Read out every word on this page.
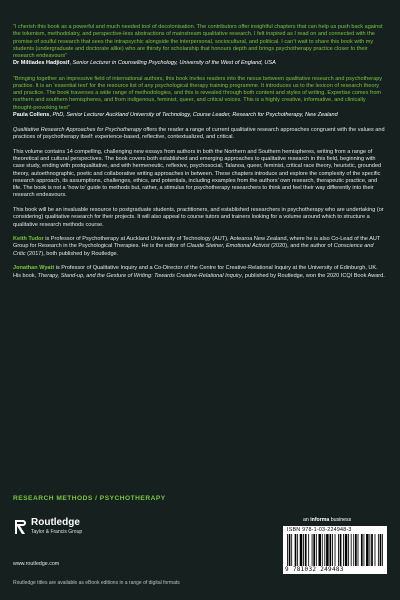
“I cherish this book as a powerful and much needed tool of decolonisation. The contributors offer insightful chapters that can help us push back against the tokenism, methodolatry, and perspective-less abstractions of mainstream qualitative research. I felt inspired as I read on and connected with the promise of soulful research that sees the intrapsychic alongside the interpersonal, sociocultural, and political. I can’t wait to share this book with my students (undergraduate and doctorate alike) who are thirsty for scholarship that honours depth and brings psychotherapy practice closer to their research endeavours”

Dr Miltiades Hadjiosif, Senior Lecturer in Counselling Psychology, University of the West of England, USA

“Bringing together an impressive field of international authors, this book invites readers into the nexus between qualitative research and psychotherapy practice. It is an ‘essential text’ for the resource list of any psychological therapy training programme. It introduces us to the lexicon of research theory and practice. The book traverses a wide range of methodologies, and this is revealed through both content and styles of writing. Expertise comes from northern and southern hemispheres, and from indigenous, feminist, queer, and critical voices. This is a highly creative, informative, and clinically thought-provoking text”

Paula Collens, PhD, Senior Lecturer Auckland University of Technology, Course Leader, Research for Psychotherapy, New Zealand

Qualitative Research Approaches for Psychotherapy offers the reader a range of current qualitative research approaches congruent with the values and practices of psychotherapy itself: experience-based, reflective, contextualized, and critical.

This volume contains 14 compelling, challenging new essays from authors in both the Northern and Southern hemispheres, writing from a range of theoretical and cultural perspectives. The book covers both established and emerging approaches to qualitative research in this field, beginning with case study, ending with postqualitative, and with hermeneutic, reflexive, psychosocial, Talanoa, queer, feminist, critical race theory, heuristic, grounded theory, autoethnographic, poetic and collaborative writing approaches in between. These chapters introduce and explore the complexity of the specific research approach, its assumptions, challenges, ethics, and potentials, including examples from the authors’ own research, therapeutic practice, and life. The book is not a ‘how to’ guide to methods but, rather, a stimulus for psychotherapy researchers to think and feel their way differently into their research endeavours.

This book will be an invaluable resource to postgraduate students, practitioners, and established researchers in psychotherapy who are undertaking (or considering) qualitative research for their projects. It will also appeal to course tutors and trainers looking for a volume around which to structure a qualitative research methods course.

Keith Tudor is Professor of Psychotherapy at Auckland University of Technology (AUT), Aotearoa New Zealand, where he is also Co-Lead of the AUT Group for Research in the Psychological Therapies. He is the editor of Claude Steiner, Emotional Activist (2020), and the author of Conscience and Critic (2017), both published by Routledge.

Jonathan Wyatt is Professor of Qualitative Inquiry and a Co-Director of the Centre for Creative-Relational Inquiry at the University of Edinburgh, UK. His book, Therapy, Stand-up, and the Gesture of Writing: Towards Creative-Relational Inquiry, published by Routledge, won the 2020 ICQI Book Award.

RESEARCH METHODS / PSYCHOTHERAPY
Routledge
Taylor & Francis Group
www.routledge.com
Routledge titles are available as eBook editions in a range of digital formats
an informa business
ISBN 978-1-03-224948-3
9 781032 249483
